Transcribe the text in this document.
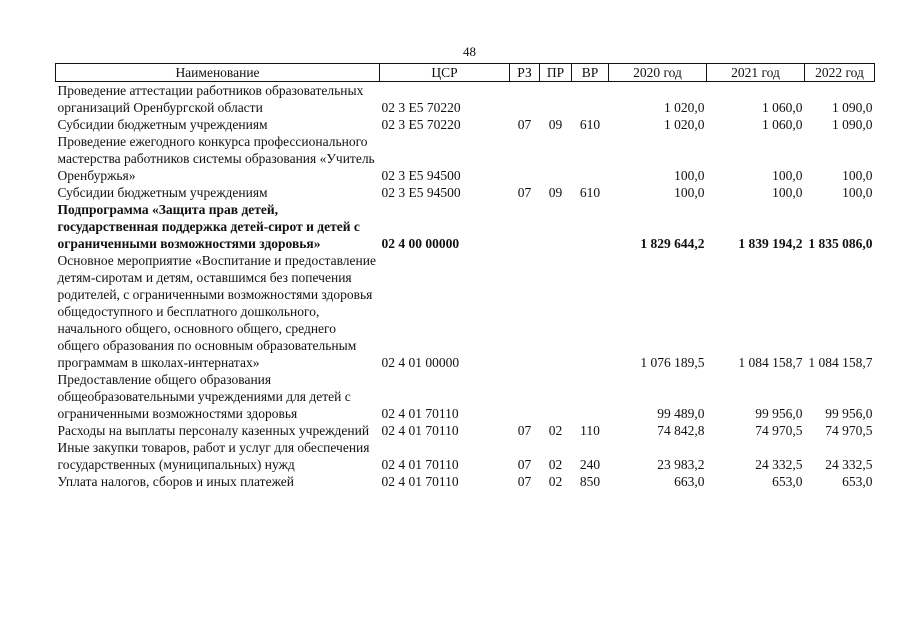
48
Наименование	ЦСР	РЗ	ПР	ВР	2020 год	2021 год	2022 год
Проведение аттестации работников образовательных организаций Оренбургской области	02 3 E5 70220				1 020,0	1 060,0	1 090,0
Субсидии бюджетным учреждениям	02 3 E5 70220	07	09	610	1 020,0	1 060,0	1 090,0
Проведение ежегодного конкурса профессионального мастерства работников системы образования «Учитель Оренбуржья»	02 3 E5 94500				100,0	100,0	100,0
Субсидии бюджетным учреждениям	02 3 E5 94500	07	09	610	100,0	100,0	100,0
Подпрограмма «Защита прав детей, государственная поддержка детей-сирот и детей с ограниченными возможностями здоровья»	02 4 00 00000				1 829 644,2	1 839 194,2	1 835 086,0
Основное мероприятие «Воспитание и предоставление детям-сиротам и детям, оставшимся без попечения родителей, с ограниченными возможностями здоровья общедоступного и бесплатного дошкольного, начального общего, основного общего, среднего общего образования по основным образовательным программам в школах-интернатах»	02 4 01 00000				1 076 189,5	1 084 158,7	1 084 158,7
Предоставление общего образования общеобразовательными учреждениями для детей с ограниченными возможностями здоровья	02 4 01 70110				99 489,0	99 956,0	99 956,0
Расходы на выплаты персоналу казенных учреждений	02 4 01 70110	07	02	110	74 842,8	74 970,5	74 970,5
Иные закупки товаров, работ и услуг для обеспечения государственных (муниципальных) нужд	02 4 01 70110	07	02	240	23 983,2	24 332,5	24 332,5
Уплата налогов, сборов и иных платежей	02 4 01 70110	07	02	850	663,0	653,0	653,0
